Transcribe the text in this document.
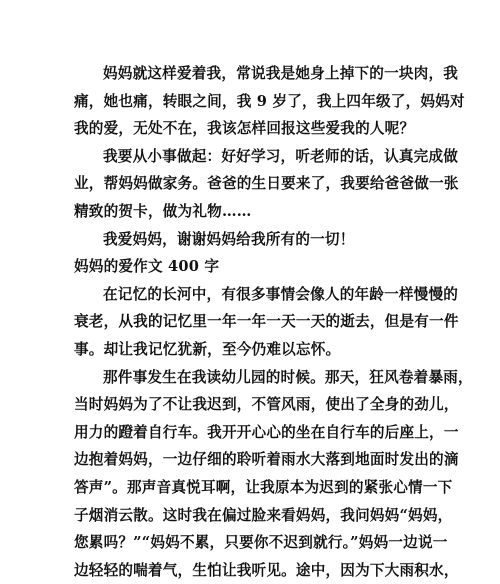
妈妈就这样爱着我，常说我是她身上掉下的一块肉，我
痛，她也痛，转眼之间，我 9 岁了，我上四年级了，妈妈对
我的爱，无处不在，我该怎样回报这些爱我的人呢？
我要从小事做起：好好学习，听老师的话，认真完成做
业，帮妈妈做家务。爸爸的生日要来了，我要给爸爸做一张
精致的贺卡，做为礼物……
我爱妈妈，谢谢妈妈给我所有的一切！
妈妈的爱作文 400 字
在记忆的长河中，有很多事情会像人的年龄一样慢慢的
衰老，从我的记忆里一年一年一天一天的逝去，但是有一件
事。却让我记忆犹新，至今仍难以忘怀。
那件事发生在我读幼儿园的时候。那天，狂风卷着暴雨，
当时妈妈为了不让我迟到，不管风雨，使出了全身的劲儿，
用力的蹬着自行车。我开开心心的坐在自行车的后座上，一
边抱着妈妈，一边仔细的聆听着雨水大落到地面时发出的滴
答声”。那声音真悦耳啊，让我原本为迟到的紧张心情一下
子烟消云散。这时我在偏过脸来看妈妈，我问妈妈“妈妈，
您累吗？”“妈妈不累，只要你不迟到就行。”妈妈一边说一
边轻轻的喘着气，生怕让我听见。途中，因为下大雨积水，
